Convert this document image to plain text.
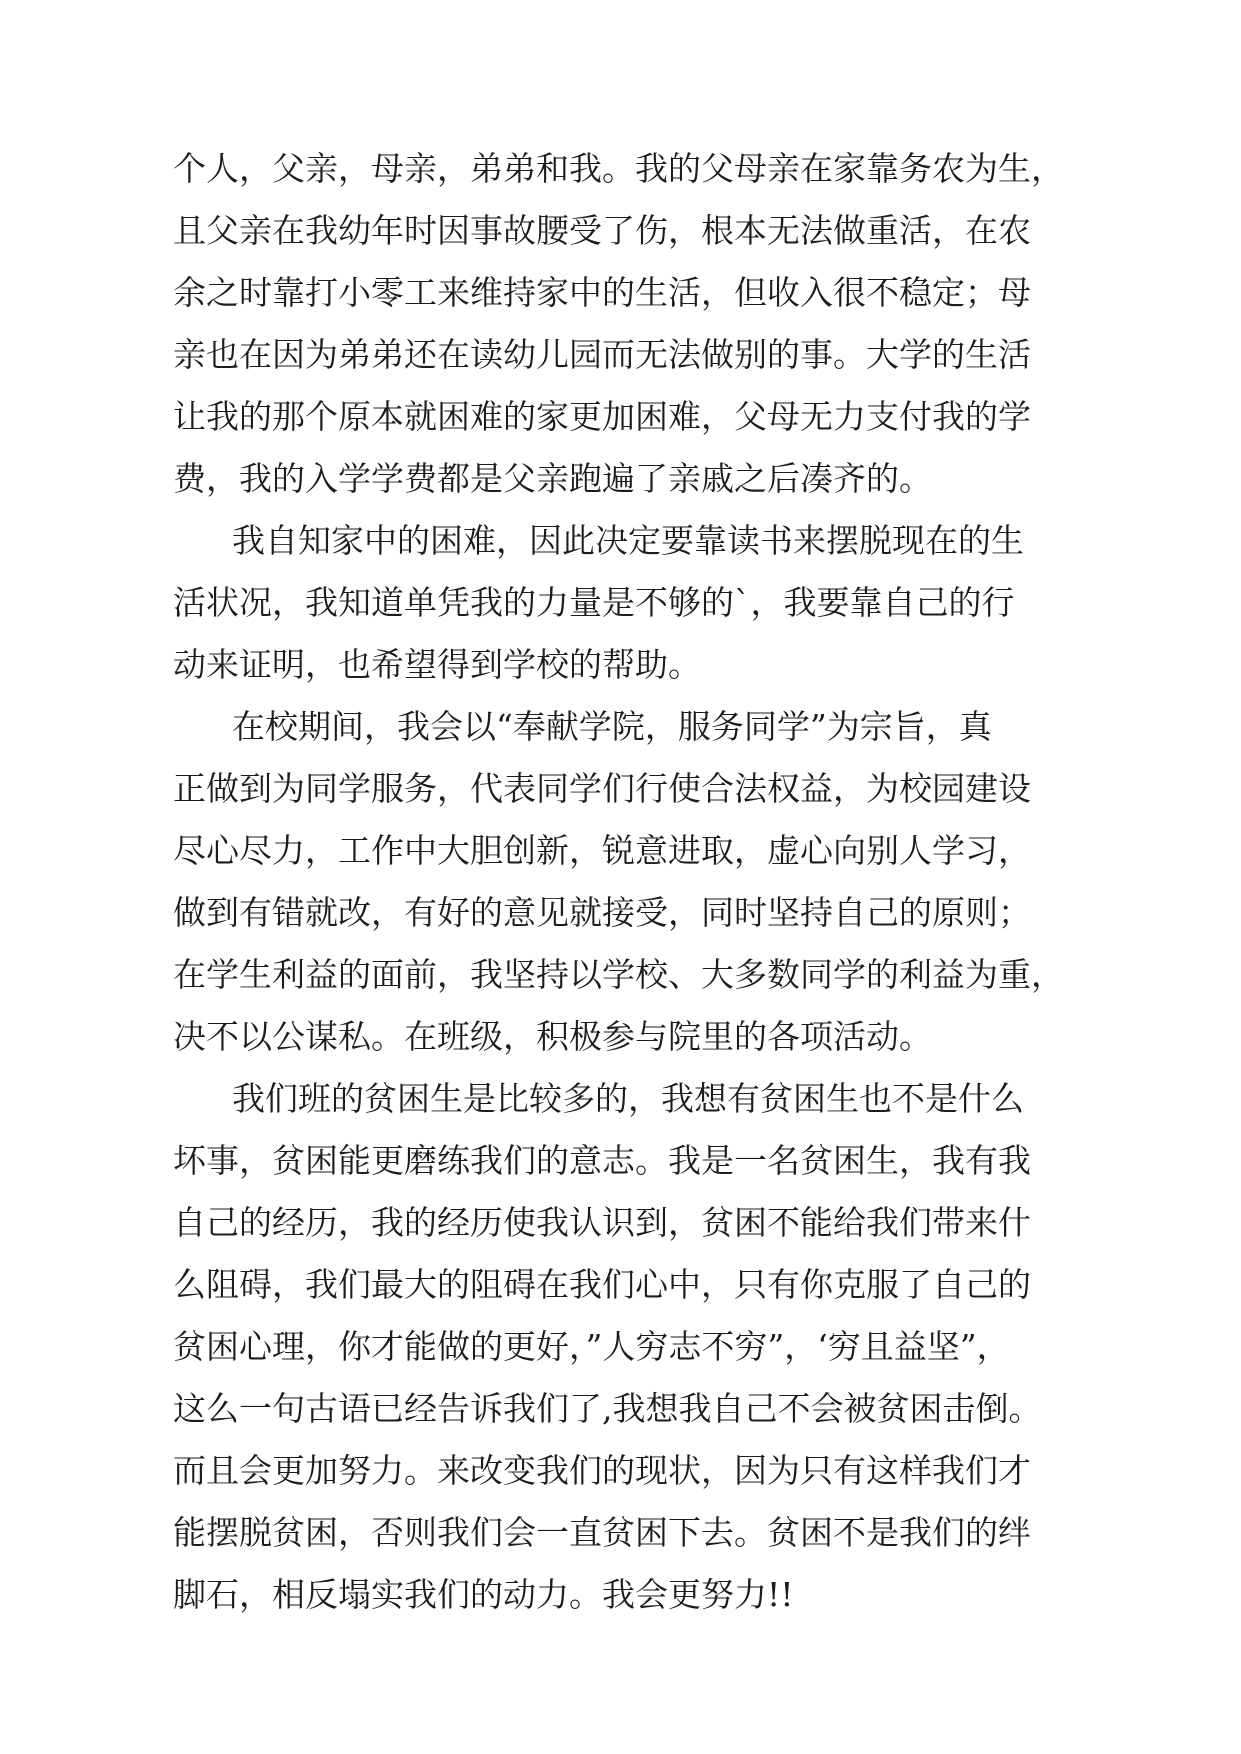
个人，父亲，母亲，弟弟和我。我的父母亲在家靠务农为生，
且父亲在我幼年时因事故腰受了伤，根本无法做重活，在农
余之时靠打小零工来维持家中的生活，但收入很不稳定；母
亲也在因为弟弟还在读幼儿园而无法做别的事。大学的生活
让我的那个原本就困难的家更加困难，父母无力支付我的学
费，我的入学学费都是父亲跑遍了亲戚之后凑齐的。
我自知家中的困难，因此决定要靠读书来摆脱现在的生
活状况，我知道单凭我的力量是不够的`，我要靠自己的行
动来证明，也希望得到学校的帮助。
在校期间，我会以“奉献学院，服务同学”为宗旨，真
正做到为同学服务，代表同学们行使合法权益，为校园建设
尽心尽力，工作中大胆创新，锐意进取，虚心向别人学习，
做到有错就改，有好的意见就接受，同时坚持自己的原则；
在学生利益的面前，我坚持以学校、大多数同学的利益为重，
决不以公谋私。在班级，积极参与院里的各项活动。
我们班的贫困生是比较多的，我想有贫困生也不是什么
坏事，贫困能更磨练我们的意志。我是一名贫困生，我有我
自己的经历，我的经历使我认识到，贫困不能给我们带来什
么阻碍，我们最大的阻碍在我们心中，只有你克服了自己的
贫困心理，你才能做的更好，”人穷志不穷”，‘穷且益坚”，
这么一句古语已经告诉我们了,我想我自己不会被贫困击倒。
而且会更加努力。来改变我们的现状，因为只有这样我们才
能摆脱贫困，否则我们会一直贫困下去。贫困不是我们的绊
脚石，相反塌实我们的动力。我会更努力!!
